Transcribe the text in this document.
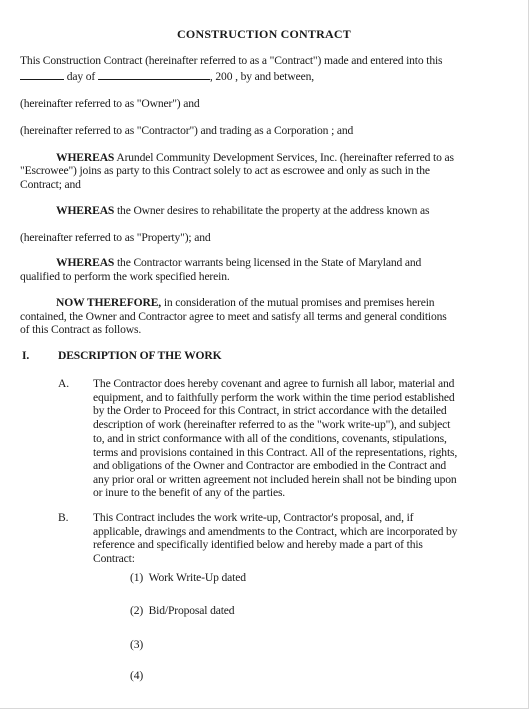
CONSTRUCTION CONTRACT
This Construction Contract (hereinafter referred to as a "Contract") made and entered into this
day of	, 200 , by and between,
(hereinafter referred to as "Owner") and
(hereinafter referred to as "Contractor") and trading as a Corporation ; and
WHEREAS Arundel Community Development Services, Inc. (hereinafter referred to as
"Escrowee") joins as party to this Contract solely to act as escrowee and only as such in the
Contract; and
WHEREAS the Owner desires to rehabilitate the property at the address known as
(hereinafter referred to as "Property"); and
WHEREAS the Contractor warrants being licensed in the State of Maryland and
qualified to perform the work specified herein.
NOW THEREFORE, in consideration of the mutual promises and premises herein
contained, the Owner and Contractor agree to meet and satisfy all terms and general conditions
of this Contract as follows.
I. DESCRIPTION OF THE WORK
A. The Contractor does hereby covenant and agree to furnish all labor, material and
equipment, and to faithfully perform the work within the time period established
by the Order to Proceed for this Contract, in strict accordance with the detailed
description of work (hereinafter referred to as the "work write-up"), and subject
to, and in strict conformance with all of the conditions, covenants, stipulations,
terms and provisions contained in this Contract. All of the representations, rights,
and obligations of the Owner and Contractor are embodied in the Contract and
any prior oral or written agreement not included herein shall not be binding upon
or inure to the benefit of any of the parties.
B. This Contract includes the work write-up, Contractor's proposal, and, if
applicable, drawings and amendments to the Contract, which are incorporated by
reference and specifically identified below and hereby made a part of this
Contract:
(1) Work Write-Up dated
(2) Bid/Proposal dated
(3)
(4)
